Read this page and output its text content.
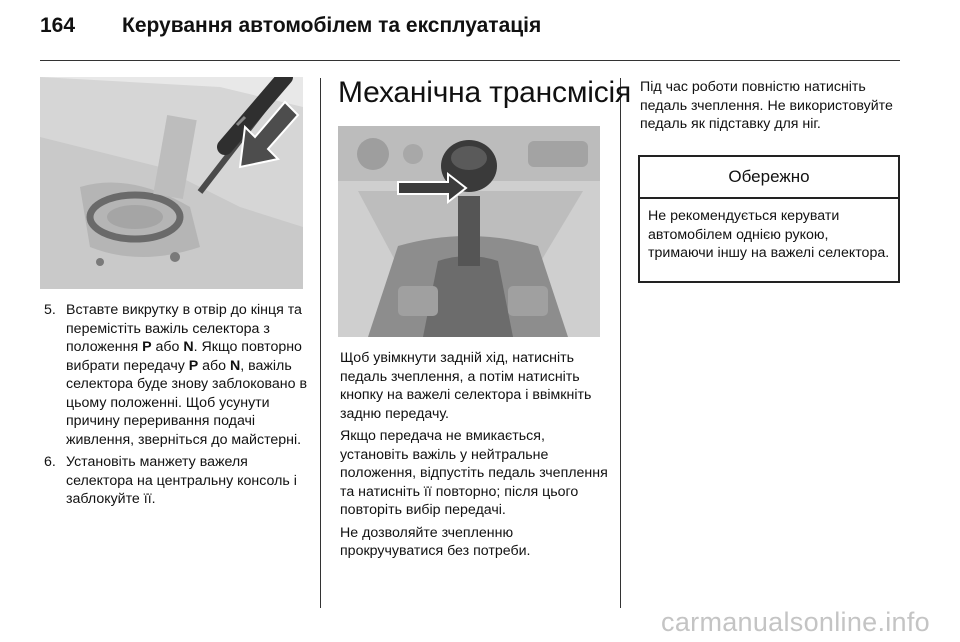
164 Керування автомобілем та експлуатація
5. Вставте викрутку в отвір до кінця та перемістіть важіль селектора з положення P або N. Якщо повторно вибрати передачу P або N, важіль селектора буде знову заблоковано в цьому положенні. Щоб усунути причину переривання подачі живлення, зверніться до майстерні.
6. Установіть манжету важеля селектора на центральну консоль і заблокуйте її.
Механічна трансмісія

Щоб увімкнути задній хід, натисніть педаль зчеплення, а потім натисніть кнопку на важелі селектора і ввімкніть задню передачу.

Якщо передача не вмикається, установіть важіль у нейтральне положення, відпустіть педаль зчеплення та натисніть її повторно; після цього повторіть вибір передачі.

Не дозволяйте зчепленню прокручуватися без потреби.

Під час роботи повністю натисніть педаль зчеплення. Не використовуйте педаль як підставку для ніг.

Обережно
Не рекомендується керувати автомобілем однією рукою, тримаючи іншу на важелі селектора.
carmanualsonline.info
